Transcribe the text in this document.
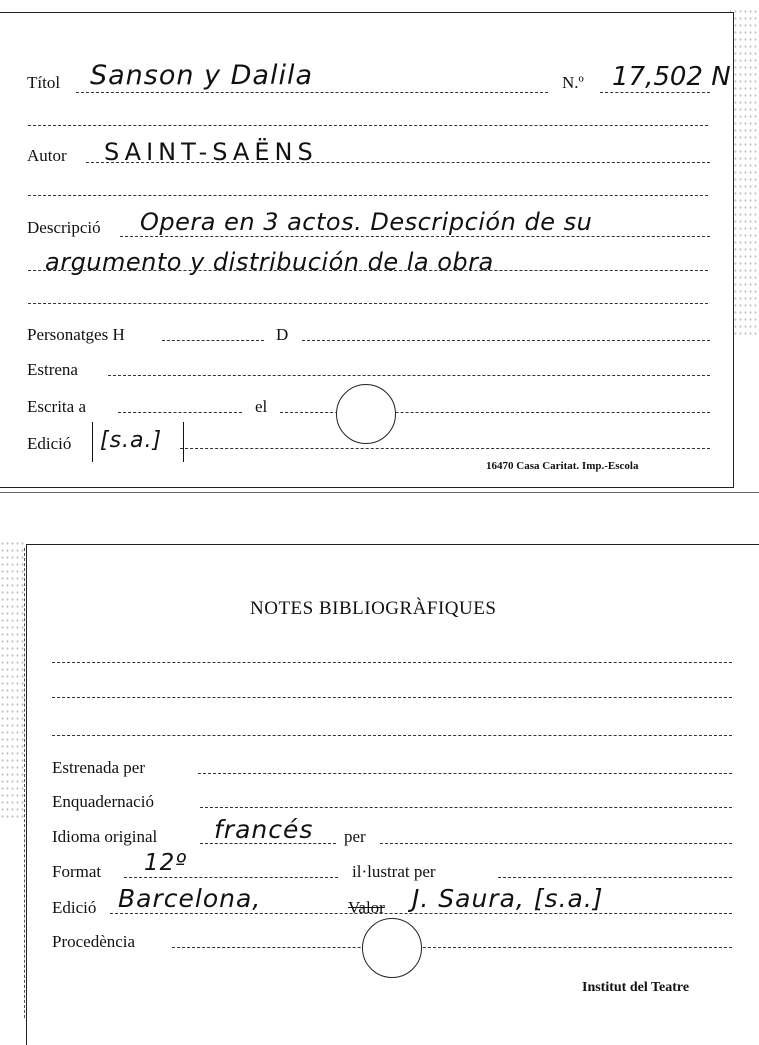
Títol Sanson y Dalila	N.º 17,502 N
Autor SAINT-SAËNS
Descripció Opera en 3 actos. Descripción de su
argumento y distribución de la obra
Personatges H	D
Estrena
Escrita a	el
Edició [s.a.]
16470 Casa Caritat. Imp.-Escola
NOTES BIBLIOGRÀFIQUES
Estrenada per
Enquadernació
Idioma original francés per
Format 12º	il·lustrat per
Edició Barcelona,	Valor J. Saura, [s.a.]
Procedència
Institut del Teatre
